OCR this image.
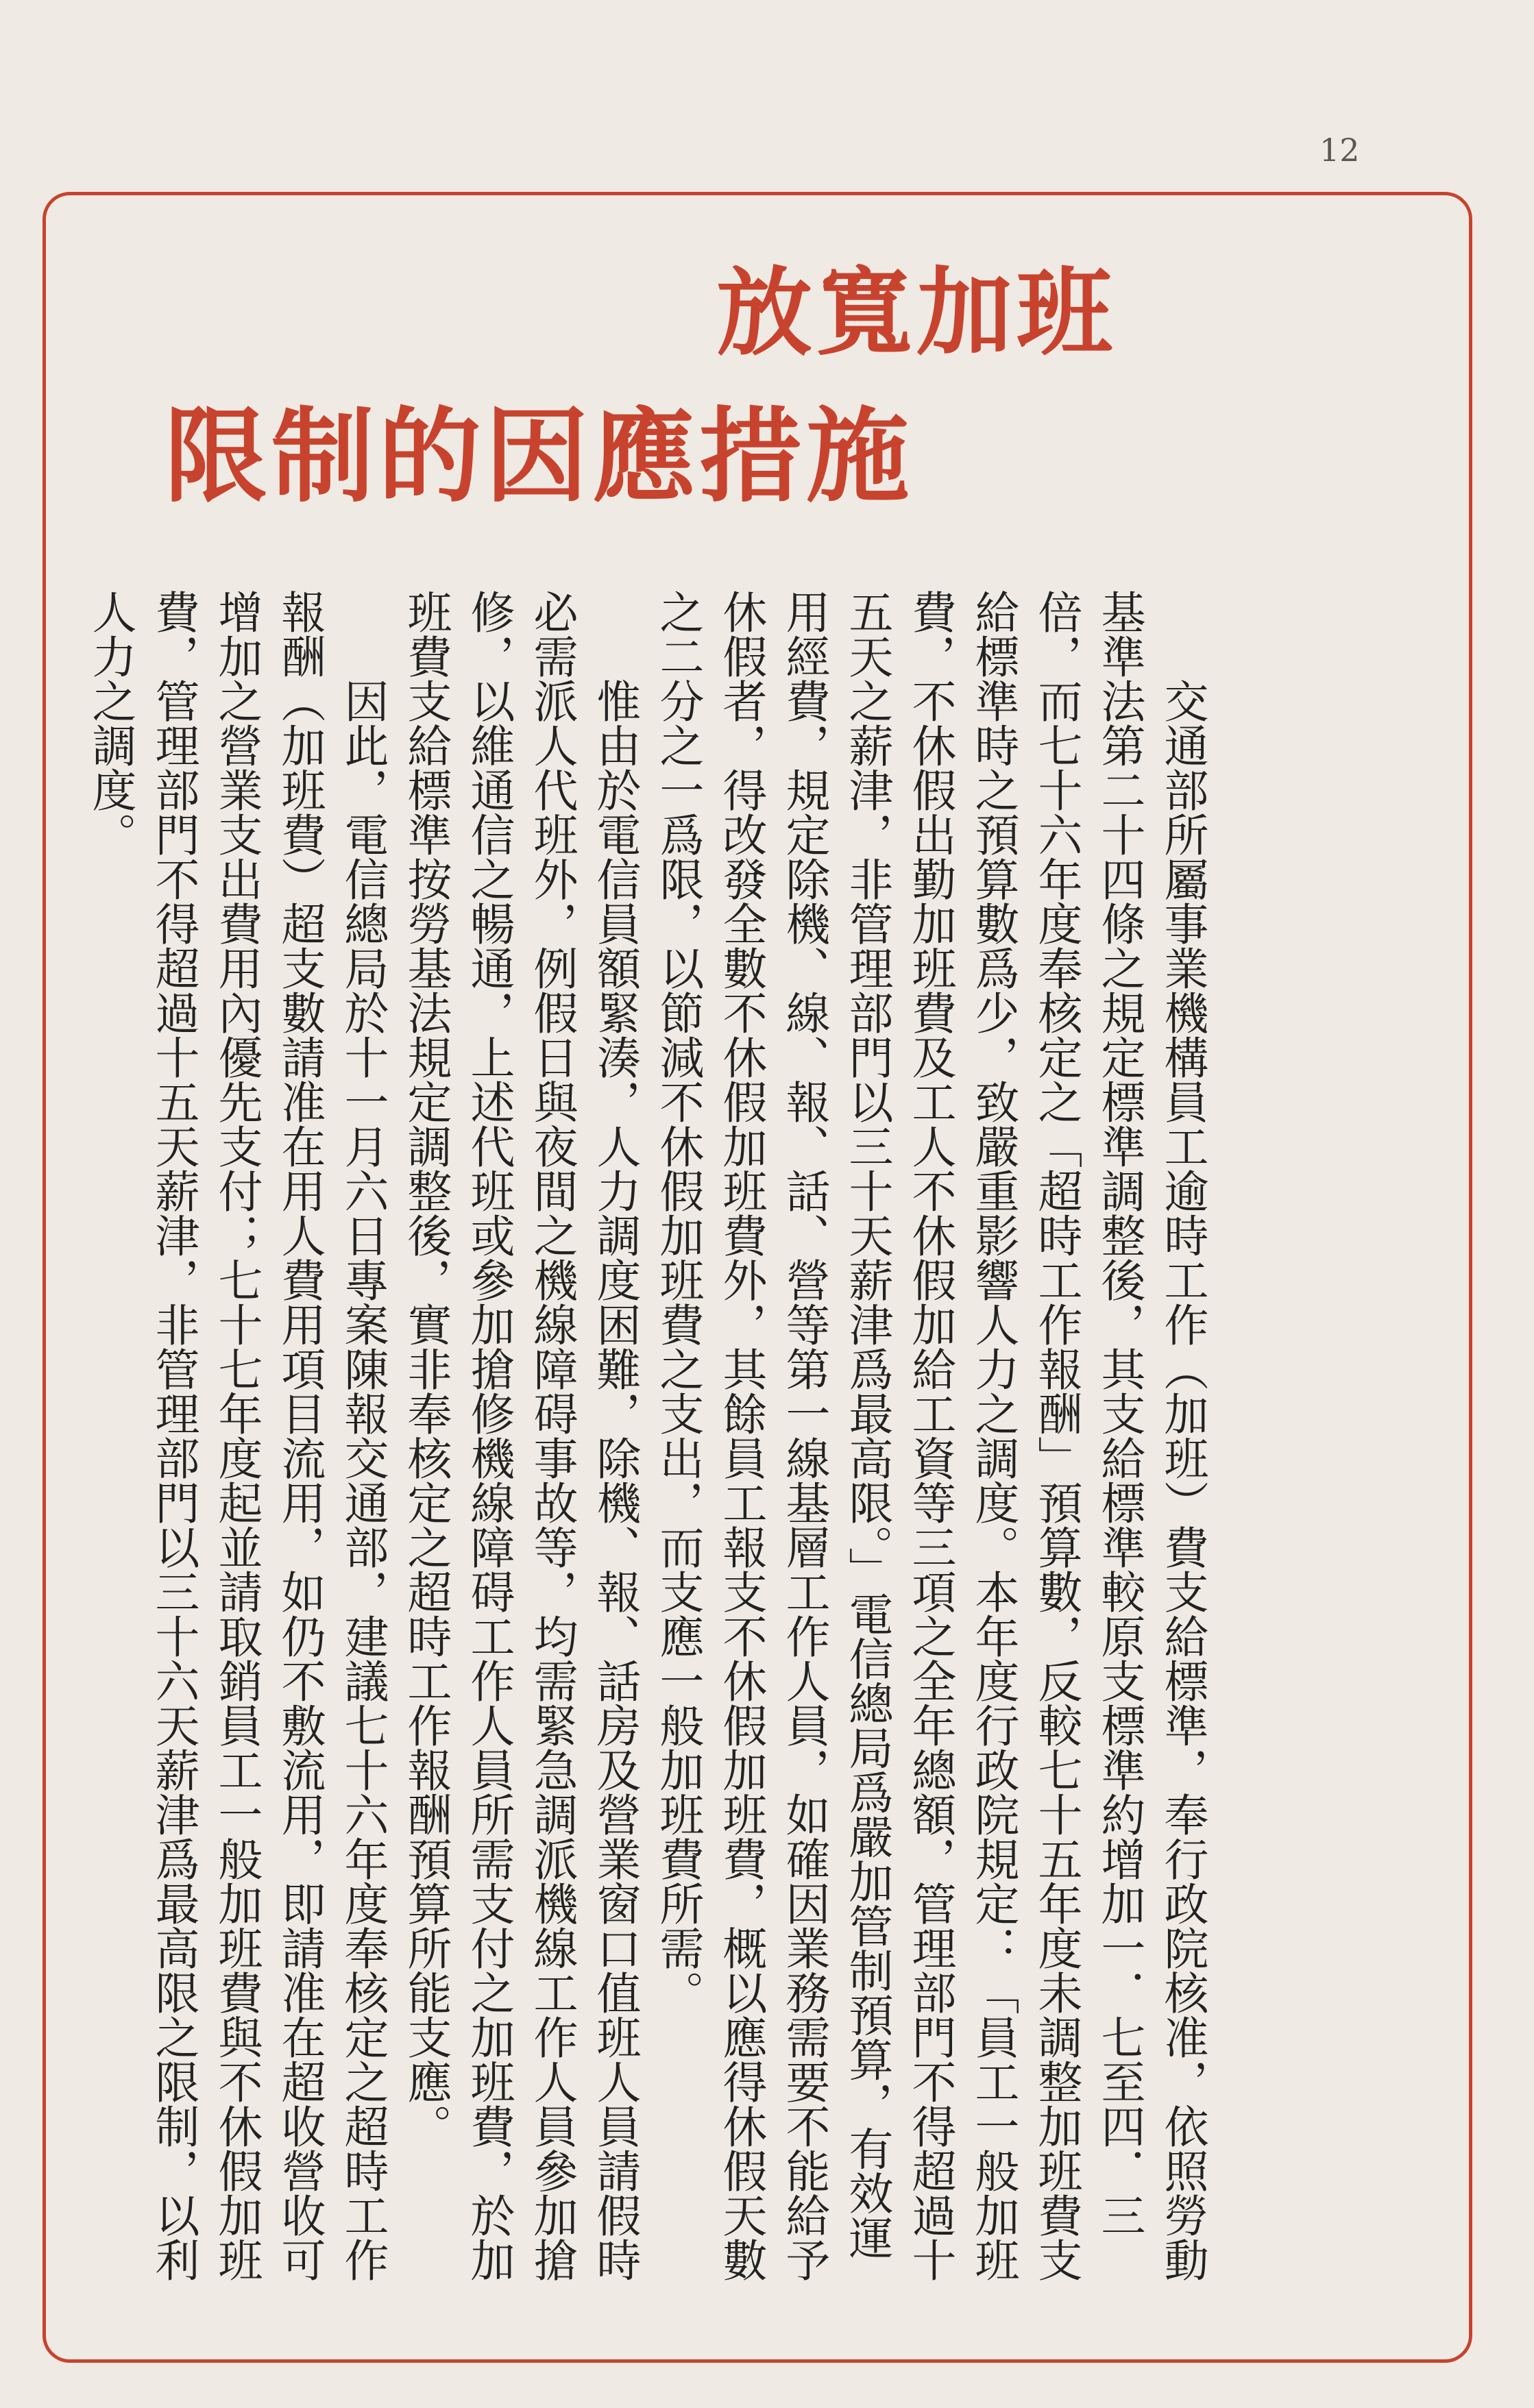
12
放寬加班
限制的因應措施

交通部所屬事業機構員工逾時工作（加班）費支給標準，奉行政院核准，依照勞動基準法第二十四條之規定標準調整後，其支給標準較原支標準約增加一．七至四．三倍，而七十六年度奉核定之「超時工作報酬」預算數，反較七十五年度未調整加班費支給標準時之預算數爲少，致嚴重影響人力之調度。本年度行政院規定：「員工一般加班費，不休假出勤加班費及工人不休假加給工資等三項之全年總額，管理部門不得超過十五天之薪津，非管理部門以三十天薪津爲最高限。」電信總局爲嚴加管制預算，有效運用經費，規定除機、線、報、話、營等第一線基層工作人員，如確因業務需要不能給予休假者，得改發全數不休假加班費外，其餘員工報支不休假加班費，概以應得休假天數之二分之一爲限，以節減不休假加班費之支出，而支應一般加班費所需。

惟由於電信員額緊湊，人力調度困難，除機、報、話房及營業窗口值班人員請假時必需派人代班外，例假日與夜間之機線障碍事故等，均需緊急調派機線工作人員參加搶修，以維通信之暢通，上述代班或參加搶修機線障碍工作人員所需支付之加班費，於加班費支給標準按勞基法規定調整後，實非奉核定之超時工作報酬預算所能支應。

因此，電信總局於十一月六日專案陳報交通部，建議七十六年度奉核定之超時工作報酬（加班費）超支數請准在用人費用項目流用，如仍不敷流用，即請准在超收營收可增加之營業支出費用內優先支付；七十七年度起並請取銷員工一般加班費與不休假加班費，管理部門不得超過十五天薪津，非管理部門以三十六天薪津爲最高限之限制，以利人力之調度。
